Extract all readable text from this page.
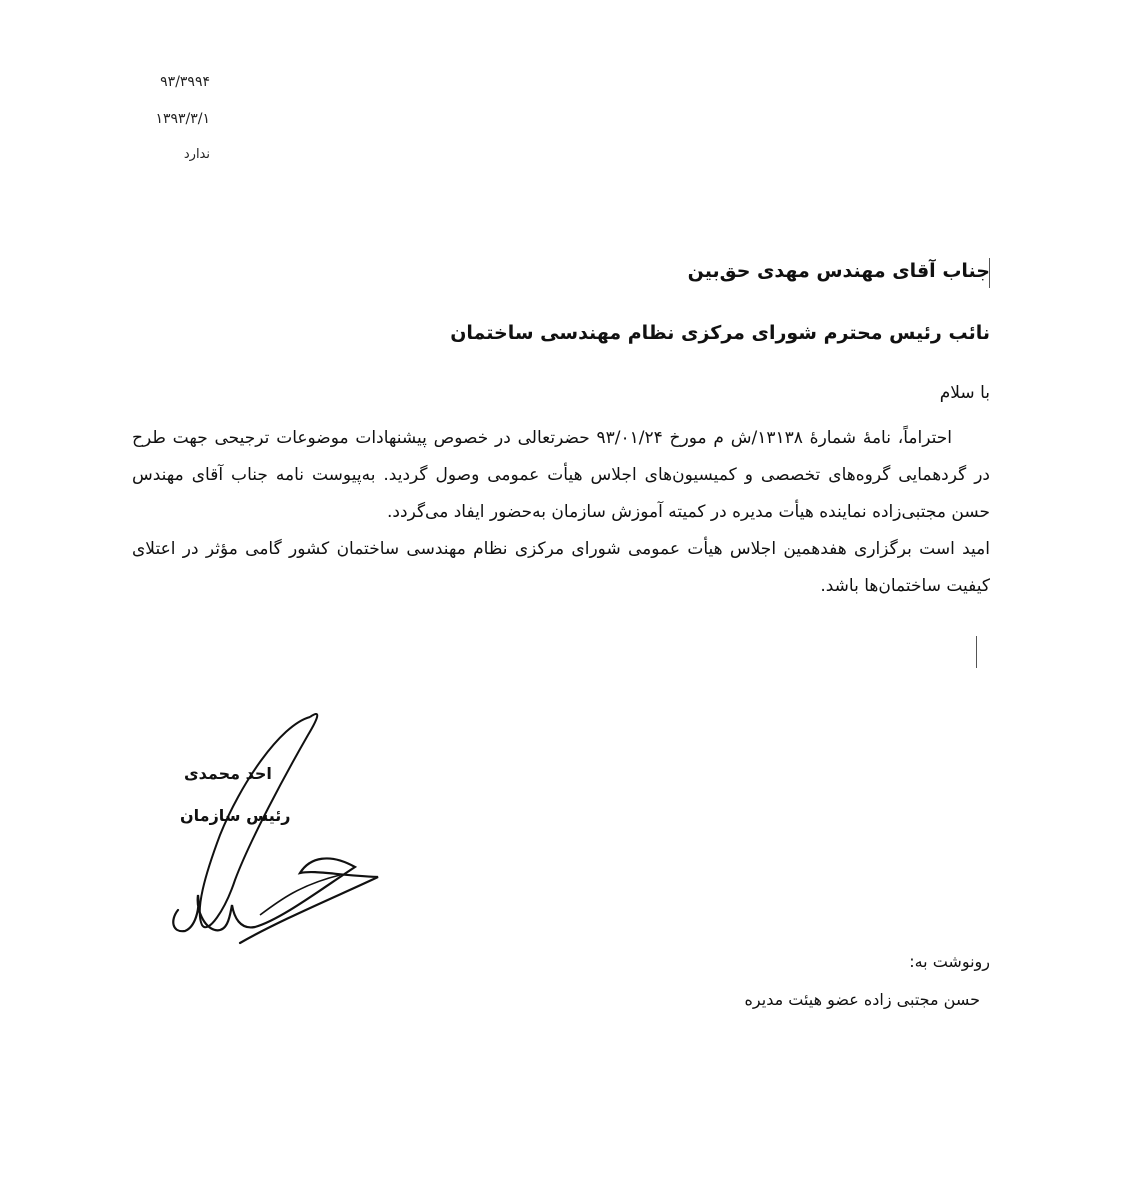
۹۳/۳۹۹۴
۱۳۹۳/۳/۱
ندارد
جناب آقای مهندس مهدی حق‌بین
نائب رئیس محترم شورای مرکزی نظام مهندسی ساختمان
با سلام

احتراماً، نامۀ شمارۀ ۱۳۱۳۸/ش م مورخ ۹۳/۰۱/۲۴ حضرتعالی در خصوص پیشنهادات موضوعات ترجیحی جهت طرح در گردهمایی گروه‌های تخصصی و کمیسیون‌های اجلاس هیأت عمومی وصول گردید. به‌پیوست نامه جناب آقای مهندس حسن مجتبی‌زاده نماینده هیأت مدیره در کمیته آموزش سازمان به‌حضور ایفاد می‌گردد.

امید است برگزاری هفدهمین اجلاس هیأت عمومی شورای مرکزی نظام مهندسی ساختمان کشور گامی مؤثر در اعتلای کیفیت ساختمان‌ها باشد.

احد محمدی
رئیس سازمان
رونوشت به:
حسن مجتبی زاده عضو هیئت مدیره
